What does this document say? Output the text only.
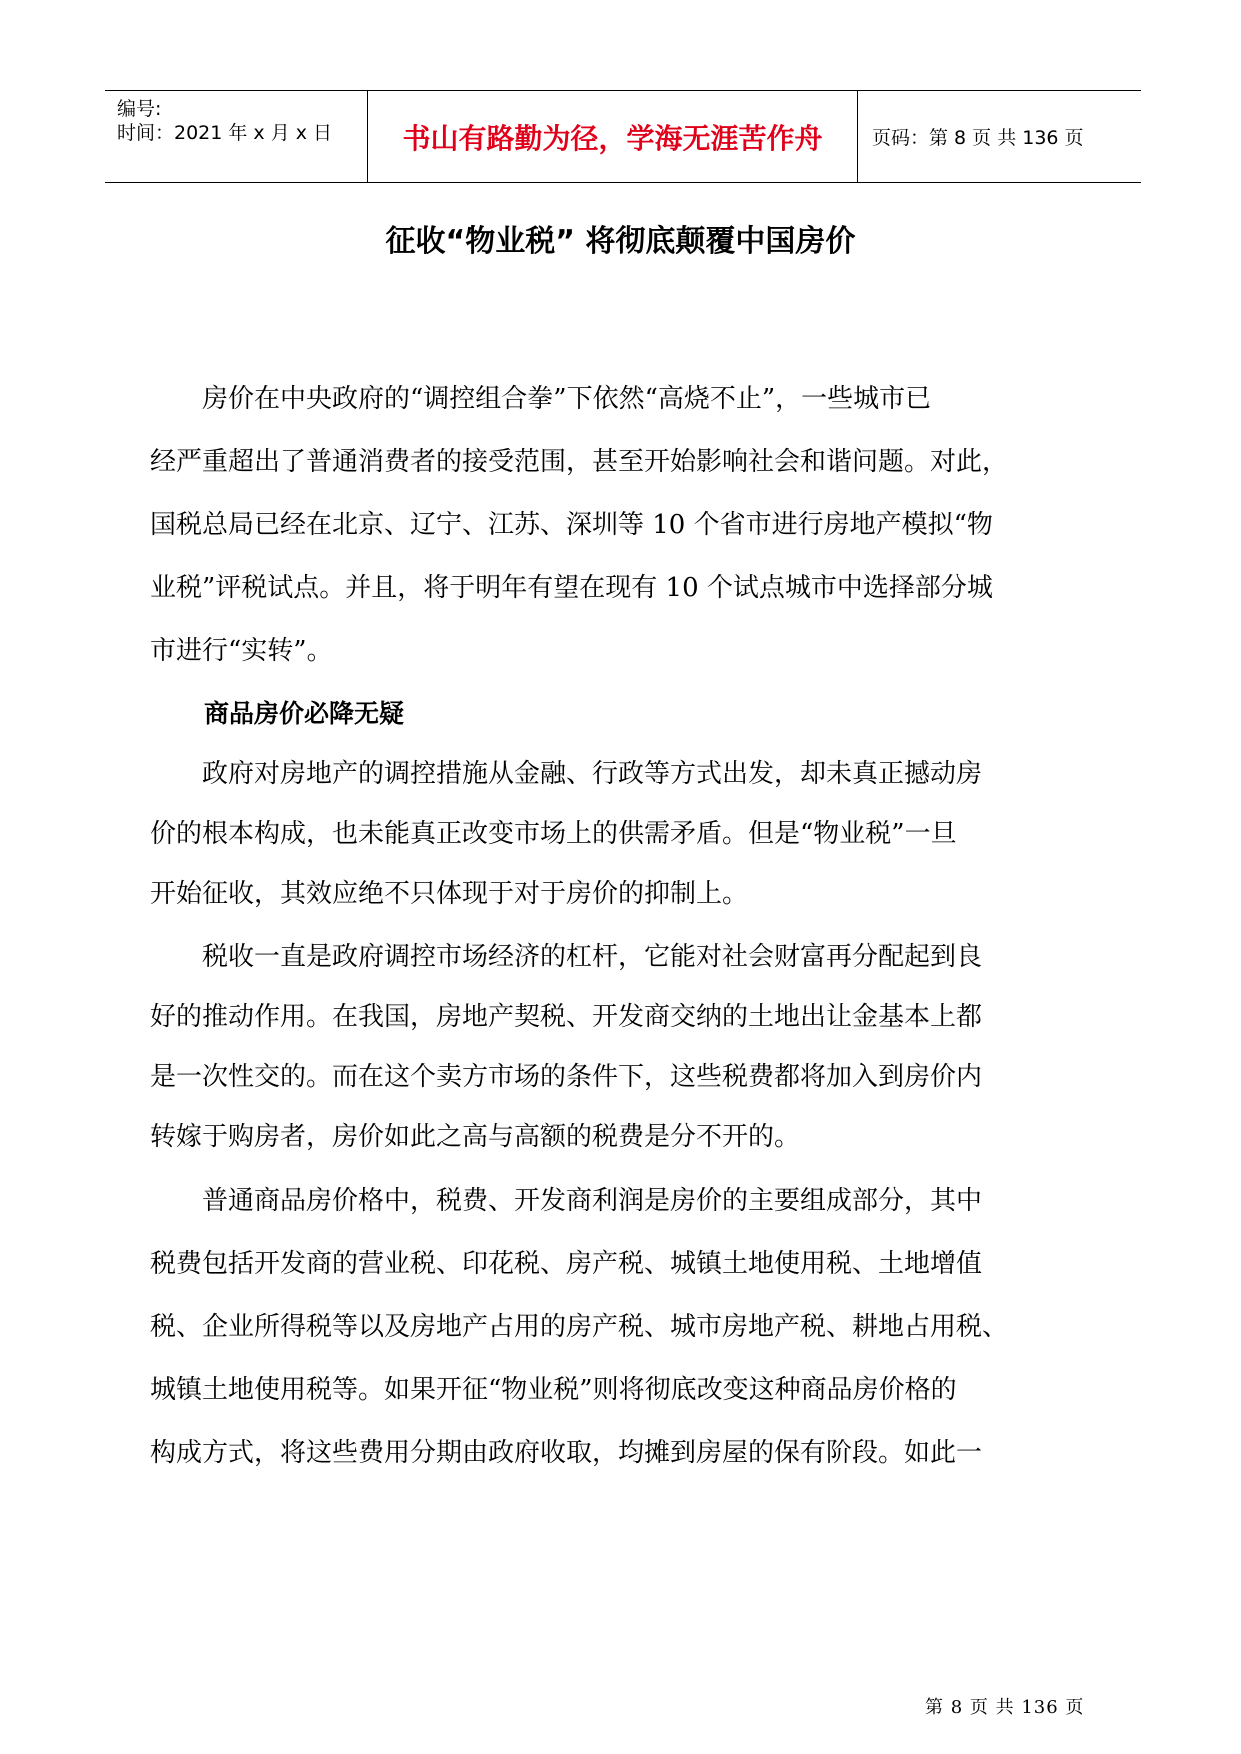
编号:
时间：2021 年 x 月 x 日	书山有路勤为径，学海无涯苦作舟	页码：第 8 页 共 136 页
征收“物业税” 将彻底颠覆中国房价
　　房价在中央政府的“调控组合拳”下依然“高烧不止”，一些城市已
经严重超出了普通消费者的接受范围，甚至开始影响社会和谐问题。对此，
国税总局已经在北京、辽宁、江苏、深圳等 10 个省市进行房地产模拟“物
业税”评税试点。并且，将于明年有望在现有 10 个试点城市中选择部分城
市进行“实转”。
商品房价必降无疑
　　政府对房地产的调控措施从金融、行政等方式出发，却未真正撼动房
价的根本构成，也未能真正改变市场上的供需矛盾。但是“物业税”一旦
开始征收，其效应绝不只体现于对于房价的抑制上。
　　税收一直是政府调控市场经济的杠杆，它能对社会财富再分配起到良
好的推动作用。在我国，房地产契税、开发商交纳的土地出让金基本上都
是一次性交的。而在这个卖方市场的条件下，这些税费都将加入到房价内
转嫁于购房者，房价如此之高与高额的税费是分不开的。
　　普通商品房价格中，税费、开发商利润是房价的主要组成部分，其中
税费包括开发商的营业税、印花税、房产税、城镇土地使用税、土地增值
税、企业所得税等以及房地产占用的房产税、城市房地产税、耕地占用税、
城镇土地使用税等。如果开征“物业税”则将彻底改变这种商品房价格的
构成方式，将这些费用分期由政府收取，均摊到房屋的保有阶段。如此一
第 8 页 共 136 页
